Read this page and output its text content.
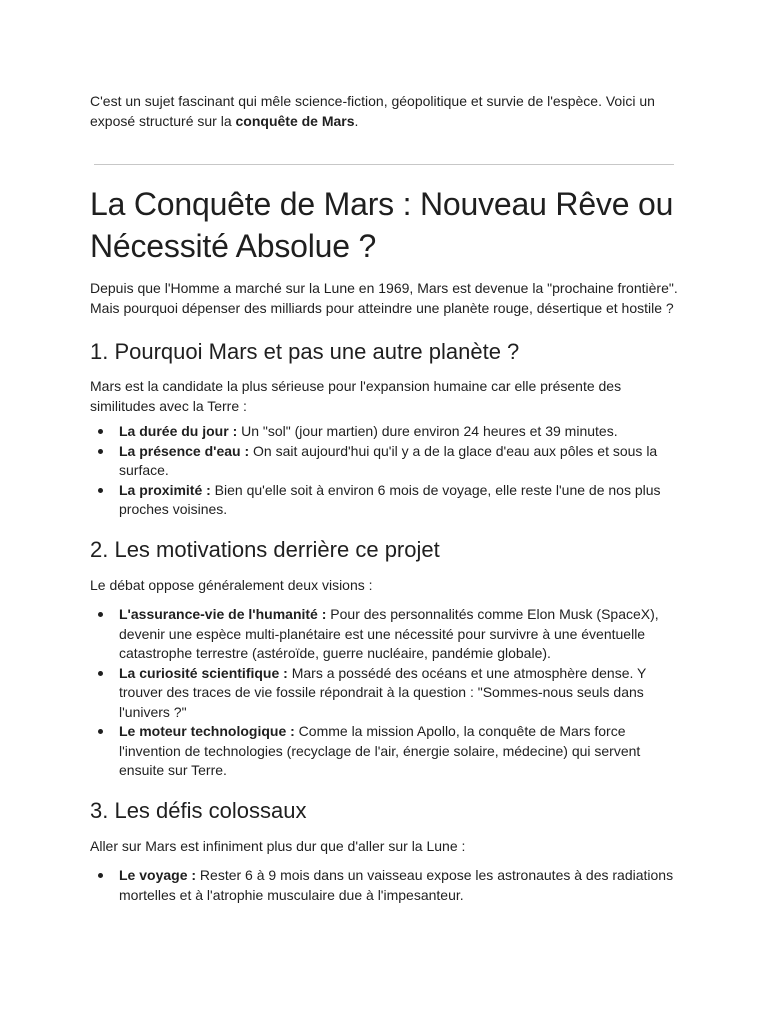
C'est un sujet fascinant qui mêle science-fiction, géopolitique et survie de l'espèce. Voici un exposé structuré sur la conquête de Mars.

La Conquête de Mars : Nouveau Rêve ou Nécessité Absolue ?

Depuis que l'Homme a marché sur la Lune en 1969, Mars est devenue la "prochaine frontière". Mais pourquoi dépenser des milliards pour atteindre une planète rouge, désertique et hostile ?

1. Pourquoi Mars et pas une autre planète ?

Mars est la candidate la plus sérieuse pour l'expansion humaine car elle présente des similitudes avec la Terre :

La durée du jour : Un "sol" (jour martien) dure environ 24 heures et 39 minutes.
La présence d'eau : On sait aujourd'hui qu'il y a de la glace d'eau aux pôles et sous la surface.
La proximité : Bien qu'elle soit à environ 6 mois de voyage, elle reste l'une de nos plus proches voisines.
2. Les motivations derrière ce projet

Le débat oppose généralement deux visions :

L'assurance-vie de l'humanité : Pour des personnalités comme Elon Musk (SpaceX), devenir une espèce multi-planétaire est une nécessité pour survivre à une éventuelle catastrophe terrestre (astéroïde, guerre nucléaire, pandémie globale).
La curiosité scientifique : Mars a possédé des océans et une atmosphère dense. Y trouver des traces de vie fossile répondrait à la question : "Sommes-nous seuls dans l'univers ?"
Le moteur technologique : Comme la mission Apollo, la conquête de Mars force l'invention de technologies (recyclage de l'air, énergie solaire, médecine) qui servent ensuite sur Terre.
3. Les défis colossaux

Aller sur Mars est infiniment plus dur que d'aller sur la Lune :

Le voyage : Rester 6 à 9 mois dans un vaisseau expose les astronautes à des radiations mortelles et à l'atrophie musculaire due à l'impesanteur.
